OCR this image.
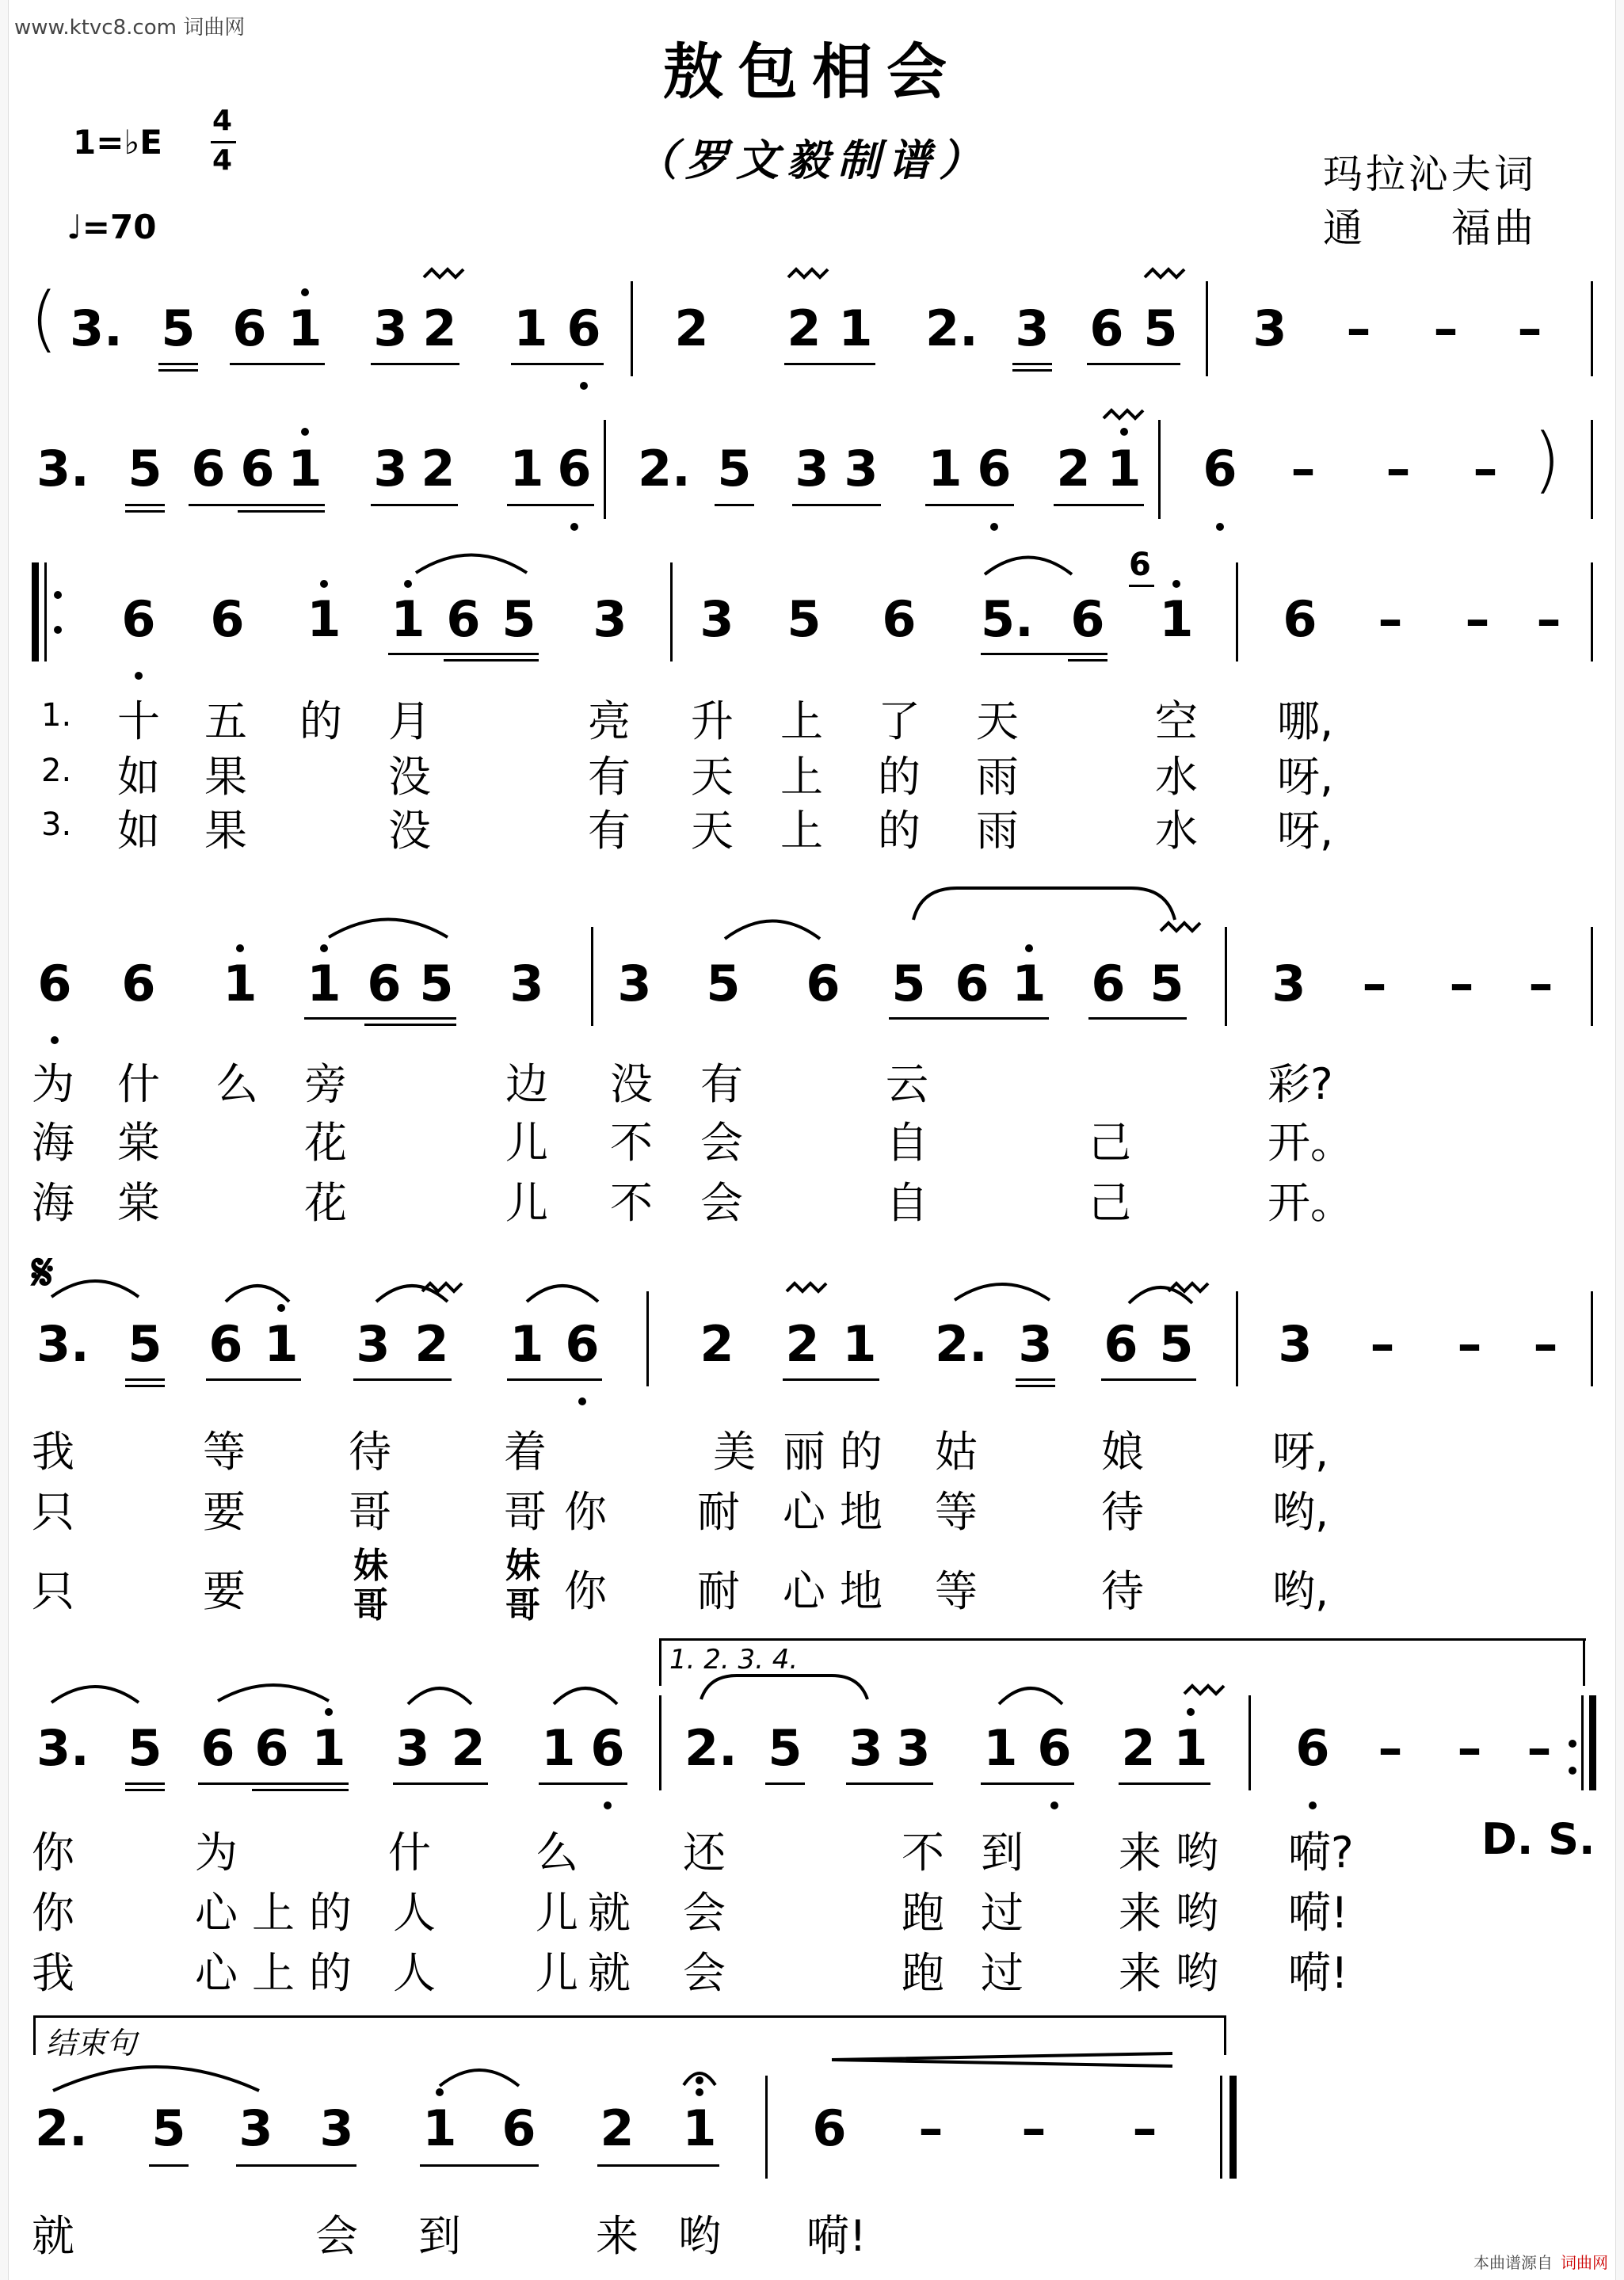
www.ktvc8.com 词曲网
敖包相会
（罗文毅制谱）	玛拉沁夫词
通　　福曲
1=♭E
4
4
♩=70
( 3. 5 6 1 3 2 1 6 2 2 1 2. 3 6 5 3 – – –
3. 5 6 6 1 3 2 1 6 2. 5 3 3 1 6 2 1 6 – – – )
6 6 1 1 6 5 3 3 5 6 5. 6
6
1 6 – – –
1.
2.
3.
十 五 的 月	亮 升 上 了 天	空 哪,
如 果	没	有 天 上 的 雨	水 呀,
如 果	没	有 天 上 的 雨	水 呀,
6 6 1 1 6 5 3 3 5 6 5 6 1 6 5 3 – – –
为 什 么 旁	边 没 有	云	彩?
海 棠	花	儿 不 会	自	己	开。
海 棠	花	儿 不 会	自	己	开。
𝄋
3. 5 6 1 3 2 1 6 2 2 1 2. 3 6 5 3 – – –
我	等 待	着	美 丽 的 姑	娘	呀,
只	要 哥	哥 你 耐 心 地 等	待	哟,
只	要
妹
哥
妹
哥 你 耐 心 地 等	待	哟,
1. 2. 3. 4.
3. 5 6 6 1 3 2 1 6 2. 5 3 3 1 6 2 1 6 – – –
你	为	什 么 还	不 到 来 哟 嗬?	D. S.
你	心 上 的 人 儿 就 会	跑 过 来 哟 嗬!
我	心 上 的 人 儿 就 会	跑 过 来 哟 嗬!
结束句
2. 5 3 3 1 6 2 1 6 – – –
就	会 到	来 哟 嗬!
本曲谱源自 词曲网
